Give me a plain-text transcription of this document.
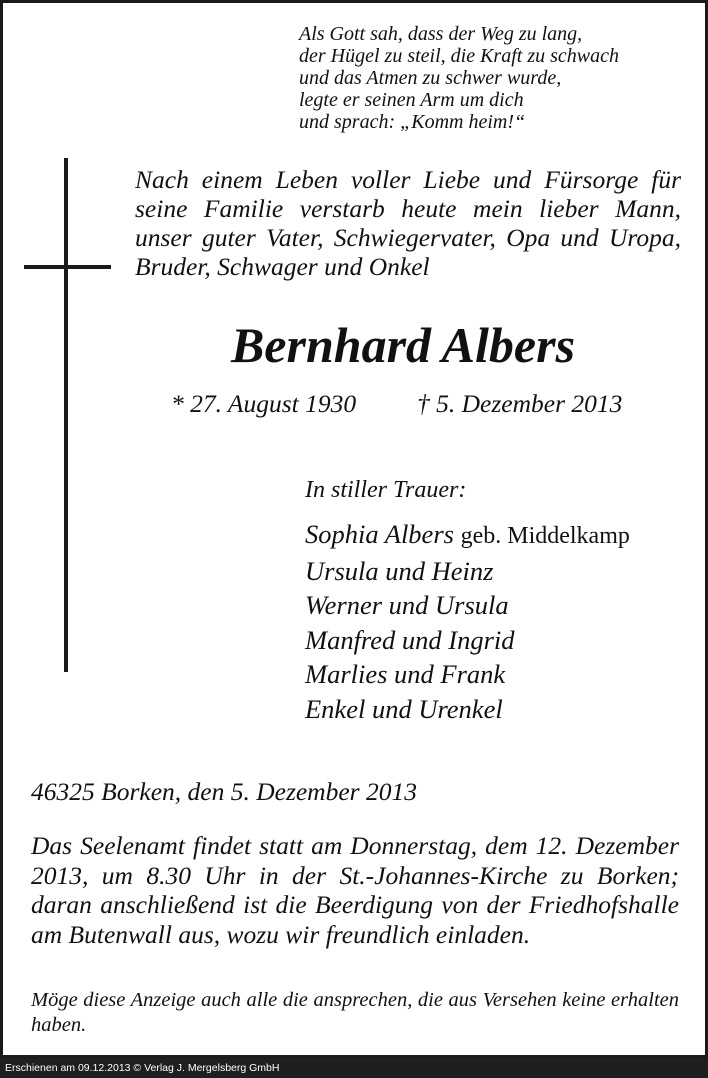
Als Gott sah, dass der Weg zu lang,
der Hügel zu steil, die Kraft zu schwach
und das Atmen zu schwer wurde,
legte er seinen Arm um dich
und sprach: „Komm heim!“
Nach einem Leben voller Liebe und Fürsorge für seine Familie verstarb heute mein lieber Mann, unser guter Vater, Schwiegervater, Opa und Uropa, Bruder, Schwager und Onkel
Bernhard Albers
* 27. August 1930 † 5. Dezember 2013
In stiller Trauer:
Sophia Albers geb. Middelkamp
Ursula und Heinz
Werner und Ursula
Manfred und Ingrid
Marlies und Frank
Enkel und Urenkel
46325 Borken, den 5. Dezember 2013
Das Seelenamt findet statt am Donnerstag, dem 12. Dezember 2013, um 8.30 Uhr in der St.-Johannes-Kirche zu Borken; daran anschließend ist die Beerdigung von der Friedhofshalle am Butenwall aus, wozu wir freundlich einladen.
Möge diese Anzeige auch alle die ansprechen, die aus Versehen keine erhalten haben.
Erschienen am 09.12.2013 © Verlag J. Mergelsberg GmbH
